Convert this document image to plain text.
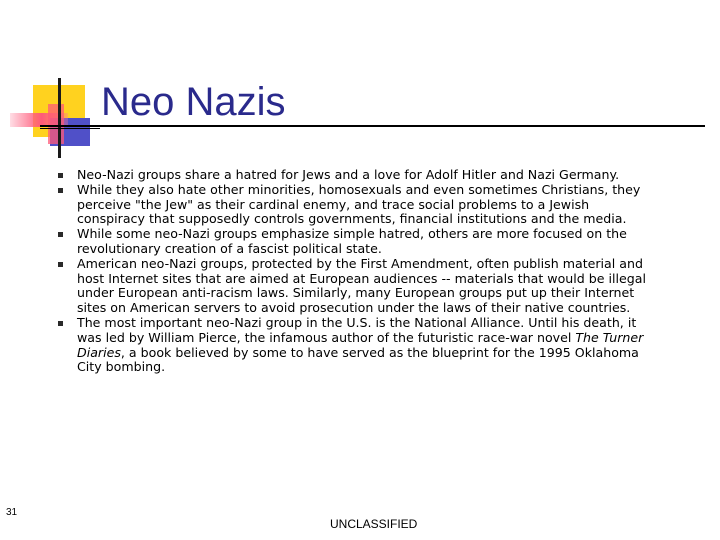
Neo Nazis
Neo-Nazi groups share a hatred for Jews and a love for Adolf Hitler and Nazi Germany.
While they also hate other minorities, homosexuals and even sometimes Christians, they perceive "the Jew" as their cardinal enemy, and trace social problems to a Jewish conspiracy that supposedly controls governments, financial institutions and the media.
While some neo-Nazi groups emphasize simple hatred, others are more focused on the revolutionary creation of a fascist political state.
American neo-Nazi groups, protected by the First Amendment, often publish material and host Internet sites that are aimed at European audiences -- materials that would be illegal under European anti-racism laws. Similarly, many European groups put up their Internet sites on American servers to avoid prosecution under the laws of their native countries.
The most important neo-Nazi group in the U.S. is the National Alliance. Until his death, it was led by William Pierce, the infamous author of the futuristic race-war novel The Turner Diaries, a book believed by some to have served as the blueprint for the 1995 Oklahoma City bombing.
31
UNCLASSIFIED
